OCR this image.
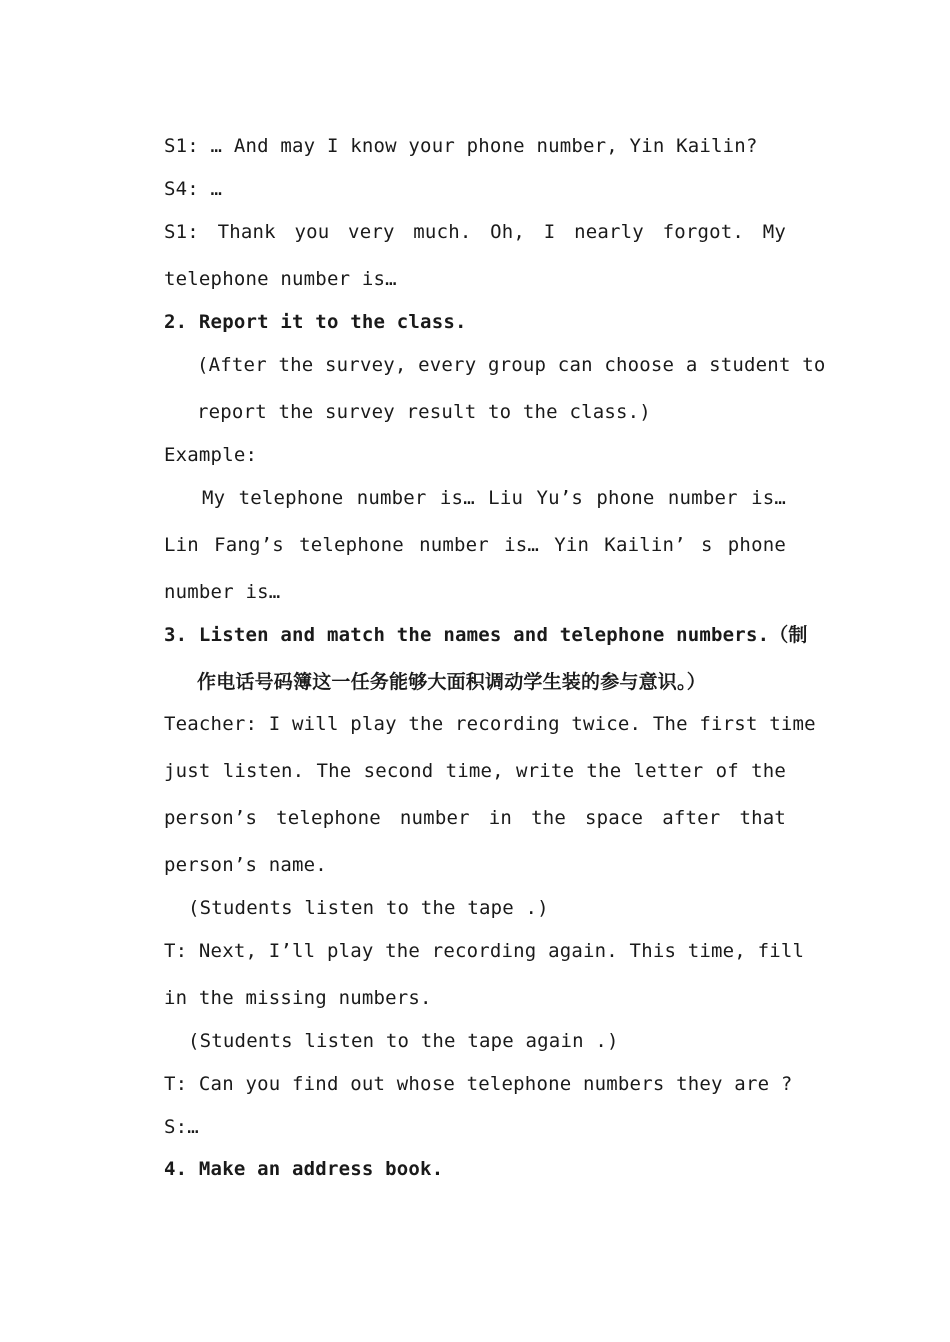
S1: … And may I know your phone number, Yin Kailin?
S4: …
S1: Thank you very much. Oh, I nearly forgot. My
telephone number is…
2. Report it to the class.
(After the survey, every group can choose a student to
report the survey result to the class.)
Example:
My telephone number is… Liu Yu’s phone number is…
Lin Fang’s telephone number is… Yin Kailin’ s phone
number is…
3. Listen and match the names and telephone numbers.（制
作电话号码簿这一任务能够大面积调动学生装的参与意识。）
Teacher: I will play the recording twice. The first time
just listen. The second time, write the letter of the
person’s telephone number in the space after that
person’s name.
(Students listen to the tape .)
T: Next, I’ll play the recording again. This time, fill
in the missing numbers.
(Students listen to the tape again .)
T: Can you find out whose telephone numbers they are ?
S:…
4. Make an address book.
